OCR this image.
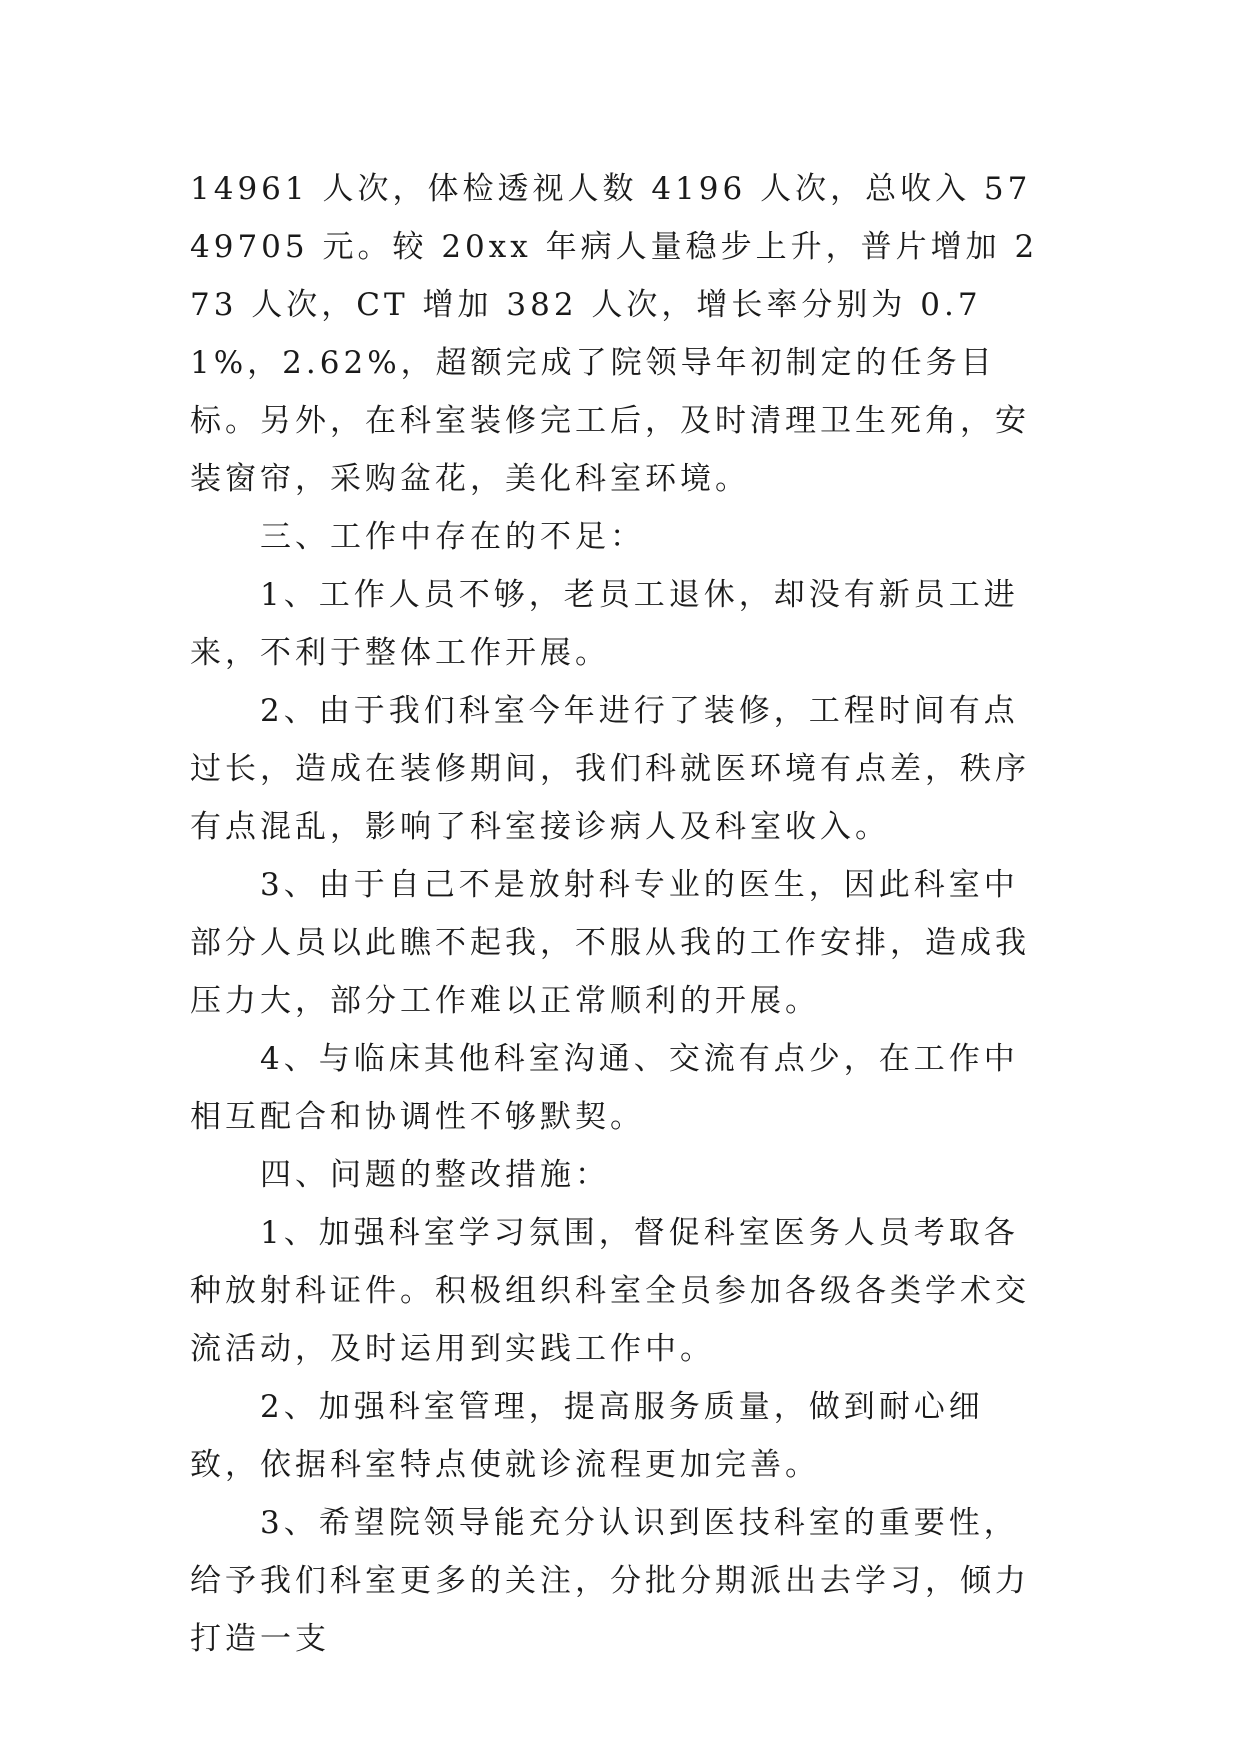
14961 人次，体检透视人数 4196 人次，总收入 5749705 元。较 20xx 年病人量稳步上升，普片增加 273 人次，CT 增加 382 人次，增长率分别为 0.71%，2.62%，超额完成了院领导年初制定的任务目标。另外，在科室装修完工后，及时清理卫生死角，安装窗帘，采购盆花，美化科室环境。

三、工作中存在的不足：

1、工作人员不够，老员工退休，却没有新员工进来，不利于整体工作开展。

2、由于我们科室今年进行了装修，工程时间有点过长，造成在装修期间，我们科就医环境有点差，秩序有点混乱，影响了科室接诊病人及科室收入。

3、由于自己不是放射科专业的医生，因此科室中部分人员以此瞧不起我，不服从我的工作安排，造成我压力大，部分工作难以正常顺利的开展。

4、与临床其他科室沟通、交流有点少，在工作中相互配合和协调性不够默契。

四、问题的整改措施：

1、加强科室学习氛围，督促科室医务人员考取各种放射科证件。积极组织科室全员参加各级各类学术交流活动，及时运用到实践工作中。

2、加强科室管理，提高服务质量，做到耐心细致，依据科室特点使就诊流程更加完善。

3、希望院领导能充分认识到医技科室的重要性，给予我们科室更多的关注，分批分期派出去学习，倾力打造一支
